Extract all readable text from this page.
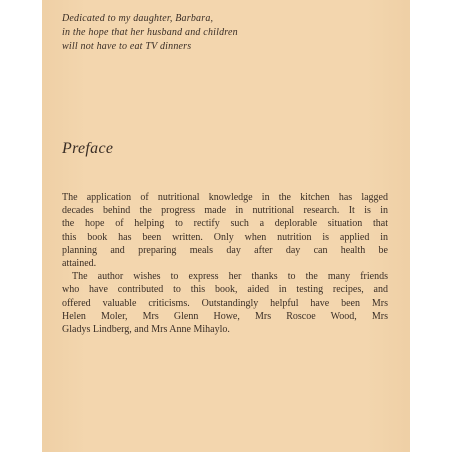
Dedicated to my daughter, Barbara,
in the hope that her husband and children
will not have to eat TV dinners
Preface
The application of nutritional knowledge in the kitchen has lagged
decades behind the progress made in nutritional research. It is in
the hope of helping to rectify such a deplorable situation that
this book has been written. Only when nutrition is applied in
planning and preparing meals day after day can health be
attained.
The author wishes to express her thanks to the many friends
who have contributed to this book, aided in testing recipes, and
offered valuable criticisms. Outstandingly helpful have been Mrs
Helen Moler, Mrs Glenn Howe, Mrs Roscoe Wood, Mrs
Gladys Lindberg, and Mrs Anne Mihaylo.
